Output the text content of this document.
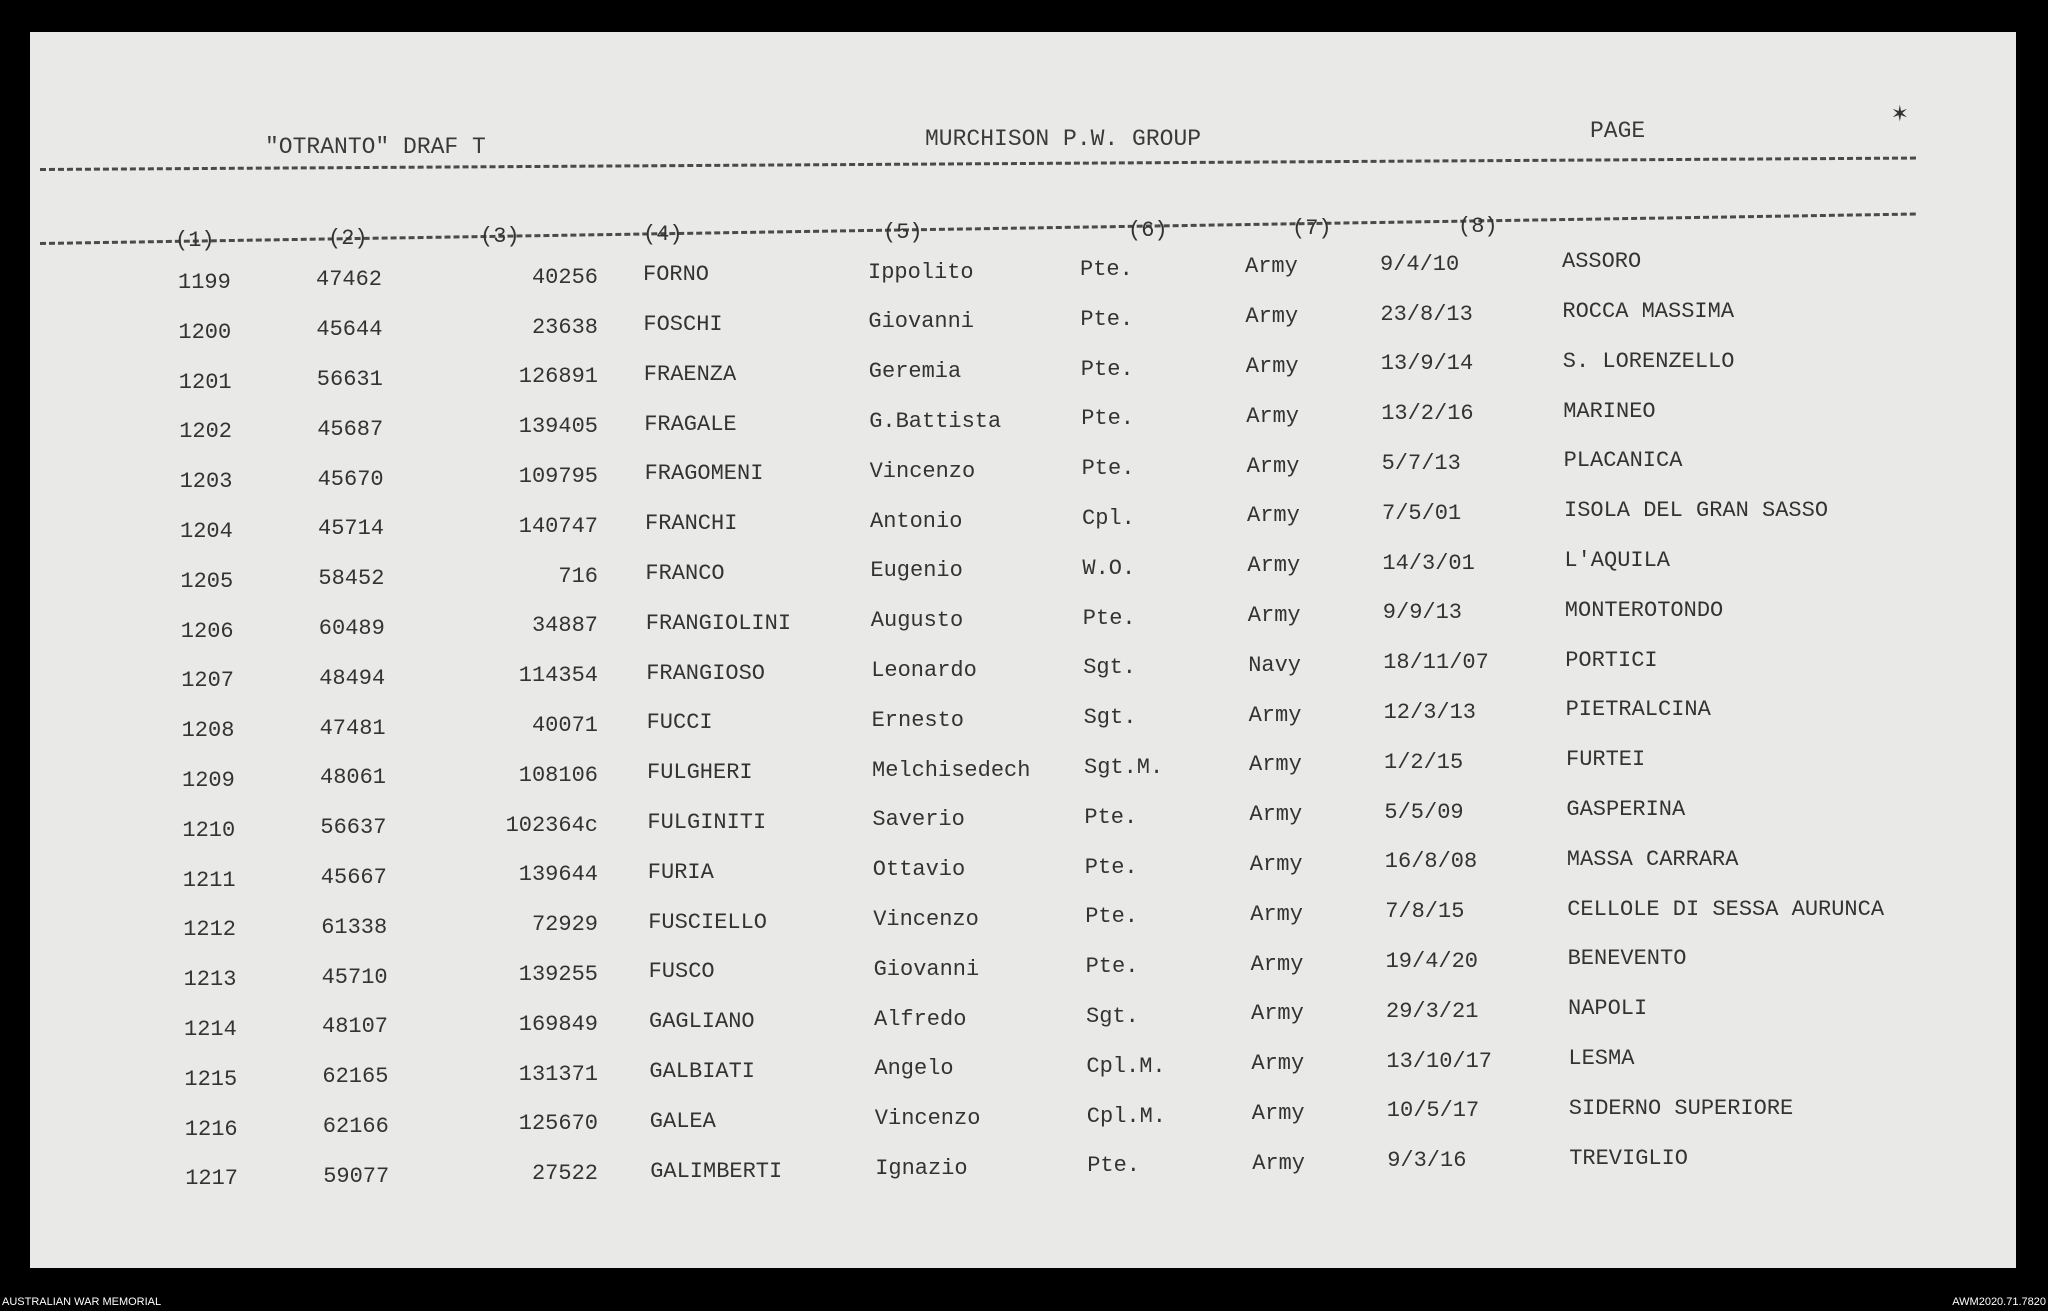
"OTRANTO" DRAF T	MURCHISON P.W. GROUP	PAGE
✶
(1)	(2)	(3)	(4)	(5)	(6)	(7)	(8)
1199	47462	40256 FORNO	Ippolito	Pte.	Army	9/4/10	ASSORO
1200	45644	23638 FOSCHI	Giovanni	Pte.	Army	23/8/13	ROCCA MASSIMA
1201	56631	126891 FRAENZA	Geremia	Pte.	Army	13/9/14	S. LORENZELLO
1202	45687	139405 FRAGALE	G.Battista	Pte.	Army	13/2/16	MARINEO
1203	45670	109795 FRAGOMENI	Vincenzo	Pte.	Army	5/7/13	PLACANICA
1204	45714	140747 FRANCHI	Antonio	Cpl.	Army	7/5/01	ISOLA DEL GRAN SASSO
1205	58452	716 FRANCO	Eugenio	W.O.	Army	14/3/01	L'AQUILA
1206	60489	34887 FRANGIOLINI	Augusto	Pte.	Army	9/9/13	MONTEROTONDO
1207	48494	114354 FRANGIOSO	Leonardo	Sgt.	Navy	18/11/07	PORTICI
1208	47481	40071 FUCCI	Ernesto	Sgt.	Army	12/3/13	PIETRALCINA
1209	48061	108106 FULGHERI	Melchisedech Sgt.M.	Army	1/2/15	FURTEI
1210	56637	102364c FULGINITI	Saverio	Pte.	Army	5/5/09	GASPERINA
1211	45667	139644 FURIA	Ottavio	Pte.	Army	16/8/08	MASSA CARRARA
1212	61338	72929 FUSCIELLO	Vincenzo	Pte.	Army	7/8/15	CELLOLE DI SESSA AURUNCA
1213	45710	139255 FUSCO	Giovanni	Pte.	Army	19/4/20	BENEVENTO
1214	48107	169849 GAGLIANO	Alfredo	Sgt.	Army	29/3/21	NAPOLI
1215	62165	131371 GALBIATI	Angelo	Cpl.M.	Army	13/10/17	LESMA
1216	62166	125670 GALEA	Vincenzo	Cpl.M.	Army	10/5/17	SIDERNO SUPERIORE
1217	59077	27522 GALIMBERTI	Ignazio	Pte.	Army	9/3/16	TREVIGLIO
AUSTRALIAN WAR MEMORIAL	AWM2020.71.7820
